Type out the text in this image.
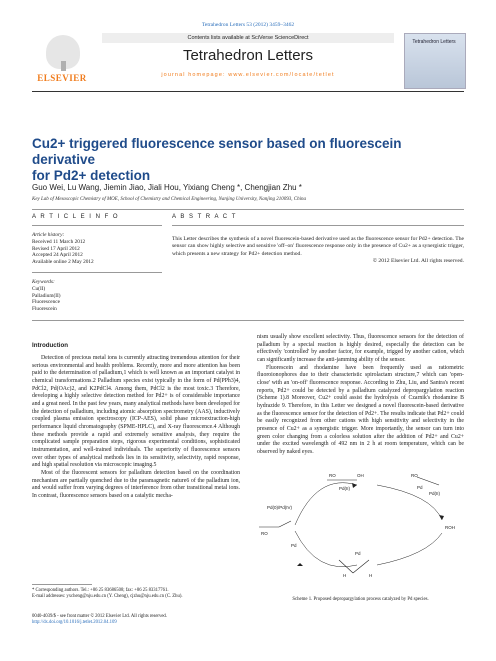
Tetrahedron Letters 53 (2012) 3459–3462
ELSEVIER
Contents lists available at SciVerse ScienceDirect
Tetrahedron Letters
journal homepage: www.elsevier.com/locate/tetlet
Tetrahedron Letters
Cu2+ triggered fluorescence sensor based on fluorescein derivative
for Pd2+ detection
Guo Wei, Lu Wang, Jiemin Jiao, Jiali Hou, Yixiang Cheng *, Chengjian Zhu *
Key Lab of Mesoscopic Chemistry of MOE, School of Chemistry and Chemical Engineering, Nanjing University, Nanjing 210093, China
A R T I C L E I N F O	A B S T R A C T
Article history:
Received 11 March 2012
Revised 17 April 2012
Accepted 24 April 2012
Available online 2 May 2012
Keywords:
Cu(II)
Palladium(II)
Fluorescence
Fluorescein
This Letter describes the synthesis of a novel fluorescein-based derivative used as the fluorescence sensor for Pd2+ detection. The sensor can show highly selective and sensitive 'off–on' fluorescence response only in the presence of Cu2+ as a synergistic trigger, which presents a new strategy for Pd2+ detection method.
© 2012 Elsevier Ltd. All rights reserved.
Introduction

Detection of precious metal ions is currently attracting tremendous attention for their serious environmental and health problems. Recently, more and more attention has been paid to the determination of palladium,1 which is well known as an important catalyst in chemical transformations.2 Palladium species exist typically in the form of Pd(PPh3)4, PdCl2, Pd(OAc)2, and K2PdCl4. Among them, PdCl2 is the most toxic.3 Therefore, developing a highly selective detection method for Pd2+ is of considerable importance and a great need. In the past few years, many analytical methods have been developed for the detection of palladium, including atomic absorption spectrometry (AAS), inductively coupled plasma emission spectroscopy (ICP-AES), solid phase microextraction-high performance liquid chromatography (SPME-HPLC), and X-ray fluorescence.4 Although these methods provide a rapid and extremely sensitive analysis, they require the complicated sample preparation steps, rigorous experimental conditions, sophisticated instrumentation, and well-trained individuals. The superiority of fluorescence sensors over other types of analytical methods lies in its sensitivity, selectivity, rapid response, and high spatial resolution via microscopic imaging.5

Most of the fluorescent sensors for palladium detection based on the coordination mechanism are partially quenched due to the paramagnetic nature6 of the palladium ion, and would suffer from varying degrees of interference from other transitional metal ions. In contrast, fluorescence sensors based on a catalytic mecha-

nism usually show excellent selectivity. Thus, fluorescence sensors for the detection of palladium by a special reaction is highly desired, especially the detection can be effectively 'controlled' by another factor, for example, trigged by another cation, which can significantly increase the anti-jamming ability of the sensor.

Fluorescein and rhodamine have been frequently used as ratiometric fluoroionophores due to their characteristic spirolactam structure,7 which can 'open-close' with an 'on-off' fluorescence response. According to Zhu, Liu, and Santra's recent reports, Pd2+ could be detected by a palladium catalyzed depropargylation reaction (Scheme 1).8 Moreover, Cu2+ could assist the hydrolysis of Czarnik's rhodamine B hydrazide 9. Therefore, in this Letter we designed a novel fluorescein-based derivative as the fluorescence sensor for the detection of Pd2+. The results indicate that Pd2+ could be easily recognized from other cations with high sensitivity and selectivity in the presence of Cu2+ as a synergistic trigger. More importantly, the sensor can turn into green color changing from a colorless solution after the addition of Pd2+ and Cu2+ under the excited wavelength of 492 nm in 2 h at room temperature, which can be observed by naked eyes.

Pd(0)/Pd(IV)
RO	OH
Pd(II)
Pd
RO
Pd(II)
Pd
H	H
RO
Pd
ROH
Scheme 1. Proposed depropargylation process catalyzed by Pd species.
* Corresponding authors. Tel.: +86 25 83686508; fax: +86 25 83317761.
E-mail addresses: yxcheng@nju.edu.cn (Y. Cheng), cjzhu@nju.edu.cn (C. Zhu).
0040-4039/$ - see front matter © 2012 Elsevier Ltd. All rights reserved.
http://dx.doi.org/10.1016/j.tetlet.2012.04.109
